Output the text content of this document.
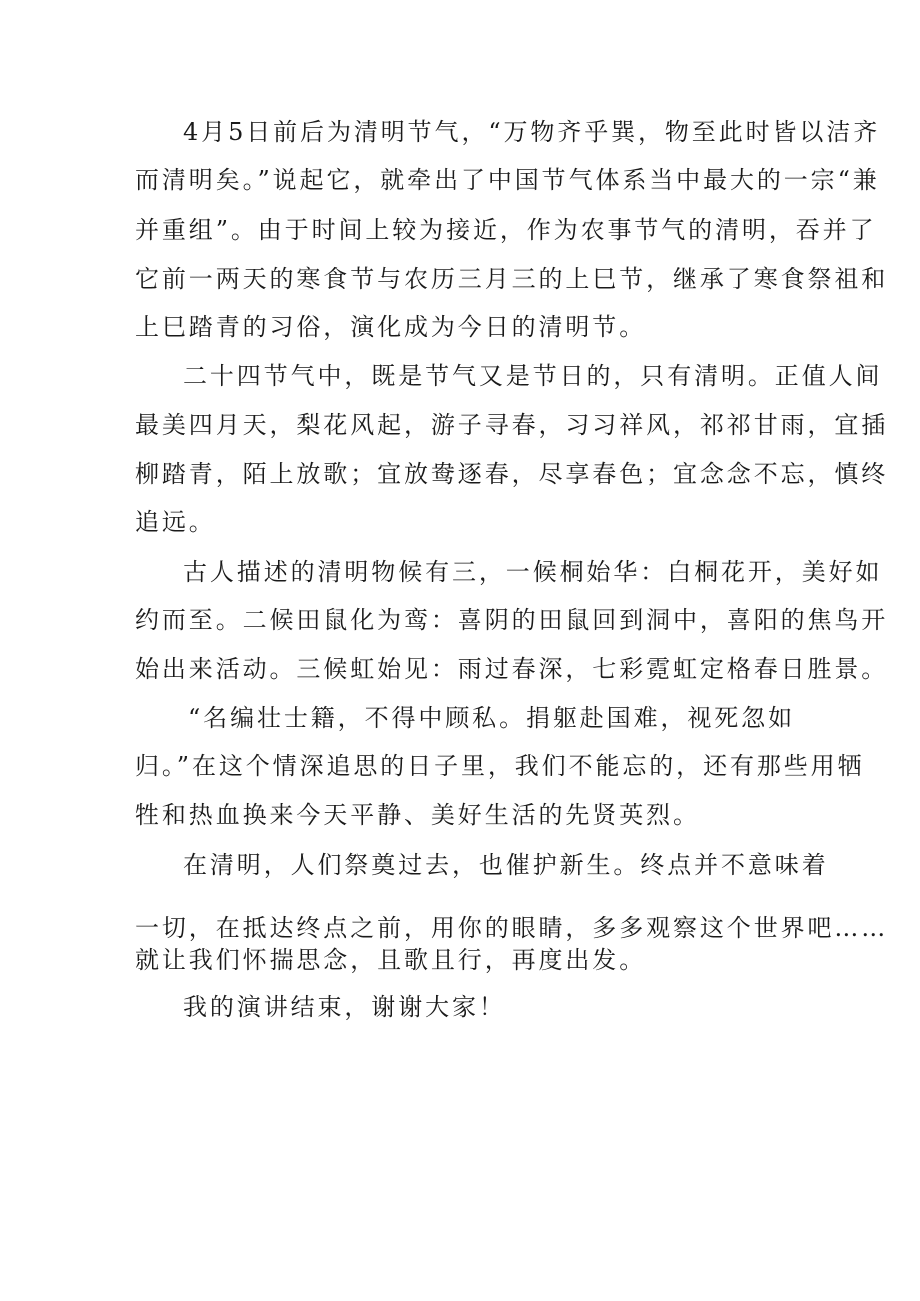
4月5日前后为清明节气，“万物齐乎巽，物至此时皆以洁齐

而清明矣。”说起它，就牵出了中国节气体系当中最大的一宗“兼

并重组”。由于时间上较为接近，作为农事节气的清明，吞并了

它前一两天的寒食节与农历三月三的上巳节，继承了寒食祭祖和

上巳踏青的习俗，演化成为今日的清明节。

二十四节气中，既是节气又是节日的，只有清明。正值人间

最美四月天，梨花风起，游子寻春，习习祥风，祁祁甘雨，宜插

柳踏青，陌上放歌；宜放鸯逐春，尽享春色；宜念念不忘，慎终

追远。

古人描述的清明物候有三，一候桐始华：白桐花开，美好如

约而至。二候田鼠化为鸾：喜阴的田鼠回到洞中，喜阳的焦鸟开

始出来活动。三候虹始见：雨过春深，七彩霓虹定格春日胜景。

“名编壮士籍，不得中顾私。捐躯赴国难，视死忽如

归。”在这个情深追思的日子里，我们不能忘的，还有那些用牺

牲和热血换来今天平静、美好生活的先贤英烈。

在清明，人们祭奠过去，也催护新生。终点并不意味着

一切，在抵达终点之前，用你的眼睛，多多观察这个世界吧……

就让我们怀揣思念，且歌且行，再度出发。

我的演讲结束，谢谢大家！
